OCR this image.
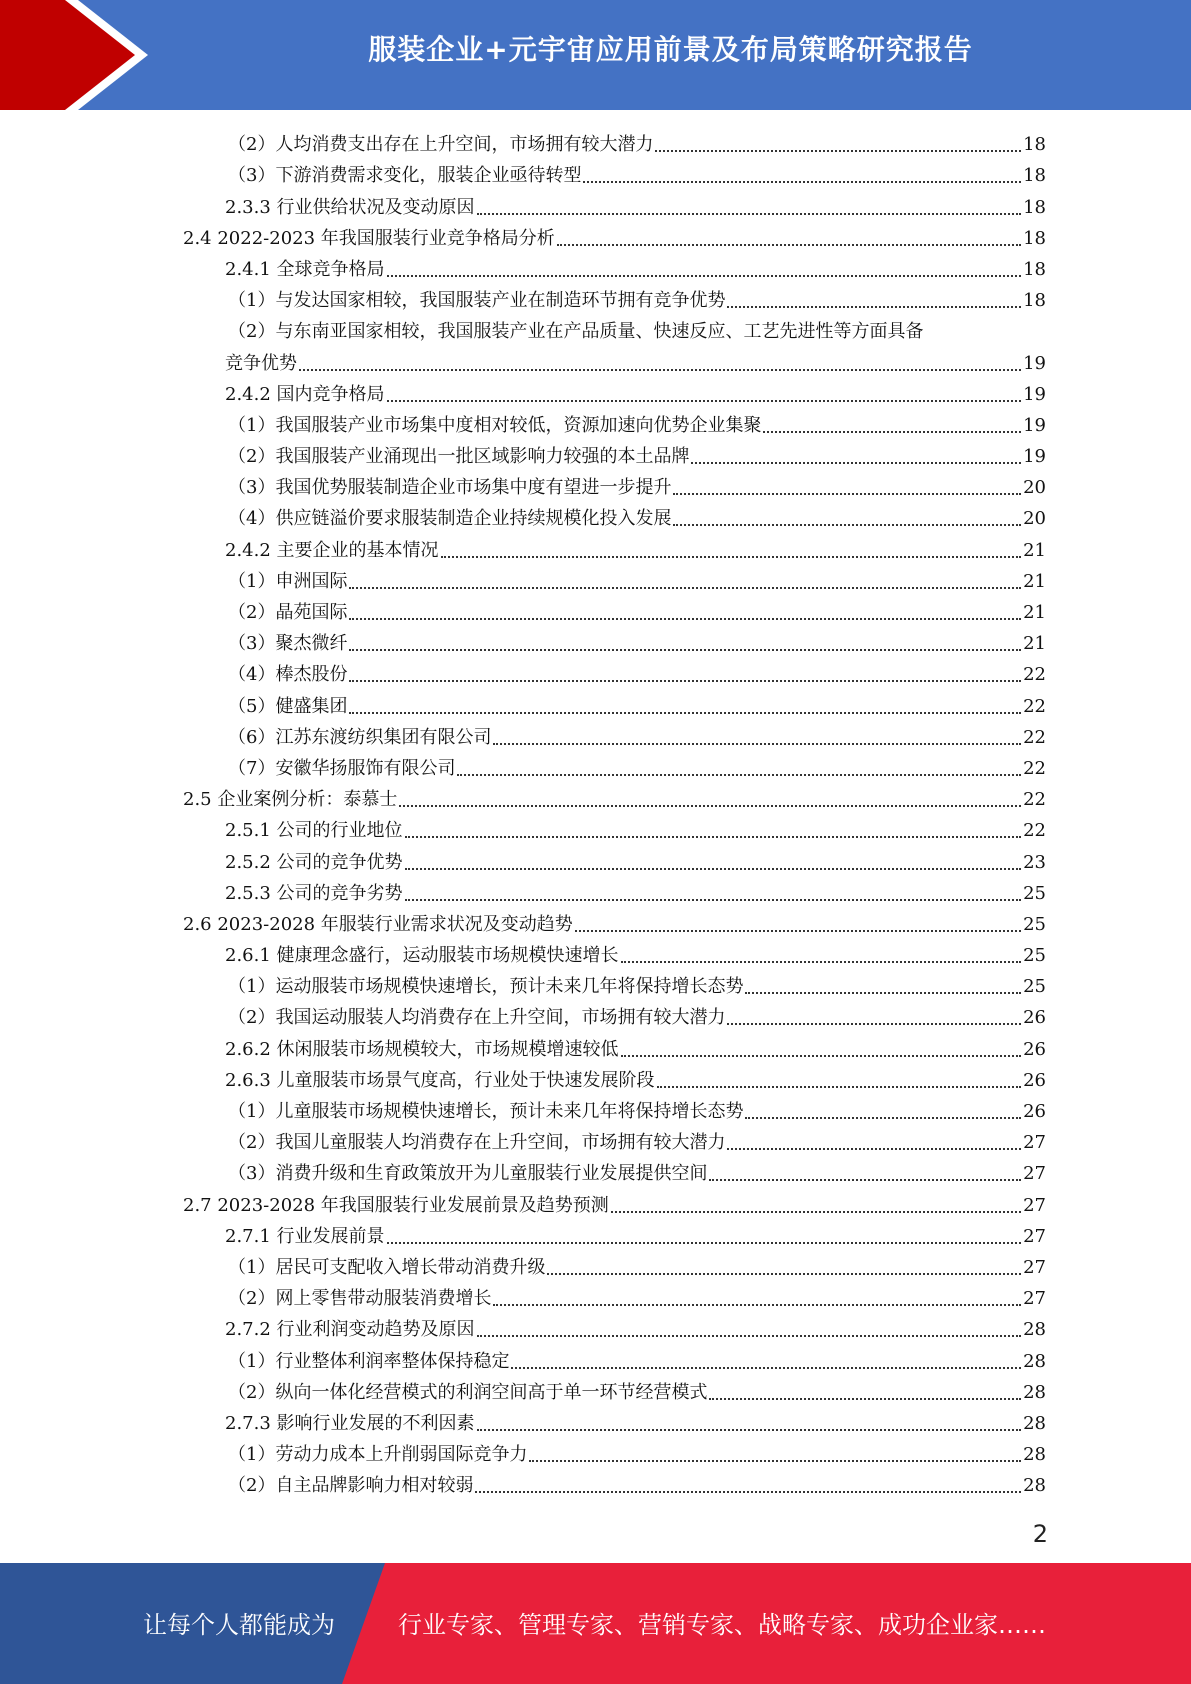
服装企业+元宇宙应用前景及布局策略研究报告
（2）人均消费支出存在上升空间，市场拥有较大潜力	18
（3）下游消费需求变化，服装企业亟待转型	18
2.3.3 行业供给状况及变动原因	18
2.4 2022-2023 年我国服装行业竞争格局分析	18
2.4.1 全球竞争格局	18
（1）与发达国家相较，我国服装产业在制造环节拥有竞争优势	18
（2）与东南亚国家相较，我国服装产业在产品质量、快速反应、工艺先进性等方面具备
竞争优势	19
2.4.2 国内竞争格局	19
（1）我国服装产业市场集中度相对较低，资源加速向优势企业集聚	19
（2）我国服装产业涌现出一批区域影响力较强的本土品牌	19
（3）我国优势服装制造企业市场集中度有望进一步提升	20
（4）供应链溢价要求服装制造企业持续规模化投入发展	20
2.4.2 主要企业的基本情况	21
（1）申洲国际	21
（2）晶苑国际	21
（3）聚杰微纤	21
（4）棒杰股份	22
（5）健盛集团	22
（6）江苏东渡纺织集团有限公司	22
（7）安徽华扬服饰有限公司	22
2.5 企业案例分析：泰慕士	22
2.5.1 公司的行业地位	22
2.5.2 公司的竞争优势	23
2.5.3 公司的竞争劣势	25
2.6 2023-2028 年服装行业需求状况及变动趋势	25
2.6.1 健康理念盛行，运动服装市场规模快速增长	25
（1）运动服装市场规模快速增长，预计未来几年将保持增长态势	25
（2）我国运动服装人均消费存在上升空间，市场拥有较大潜力	26
2.6.2 休闲服装市场规模较大，市场规模增速较低	26
2.6.3 儿童服装市场景气度高，行业处于快速发展阶段	26
（1）儿童服装市场规模快速增长，预计未来几年将保持增长态势	26
（2）我国儿童服装人均消费存在上升空间，市场拥有较大潜力	27
（3）消费升级和生育政策放开为儿童服装行业发展提供空间	27
2.7 2023-2028 年我国服装行业发展前景及趋势预测	27
2.7.1 行业发展前景	27
（1）居民可支配收入增长带动消费升级	27
（2）网上零售带动服装消费增长	27
2.7.2 行业利润变动趋势及原因	28
（1）行业整体利润率整体保持稳定	28
（2）纵向一体化经营模式的利润空间高于单一环节经营模式	28
2.7.3 影响行业发展的不利因素	28
（1）劳动力成本上升削弱国际竞争力	28
（2）自主品牌影响力相对较弱	28
2
让每个人都能成为	行业专家、管理专家、营销专家、战略专家、成功企业家……
